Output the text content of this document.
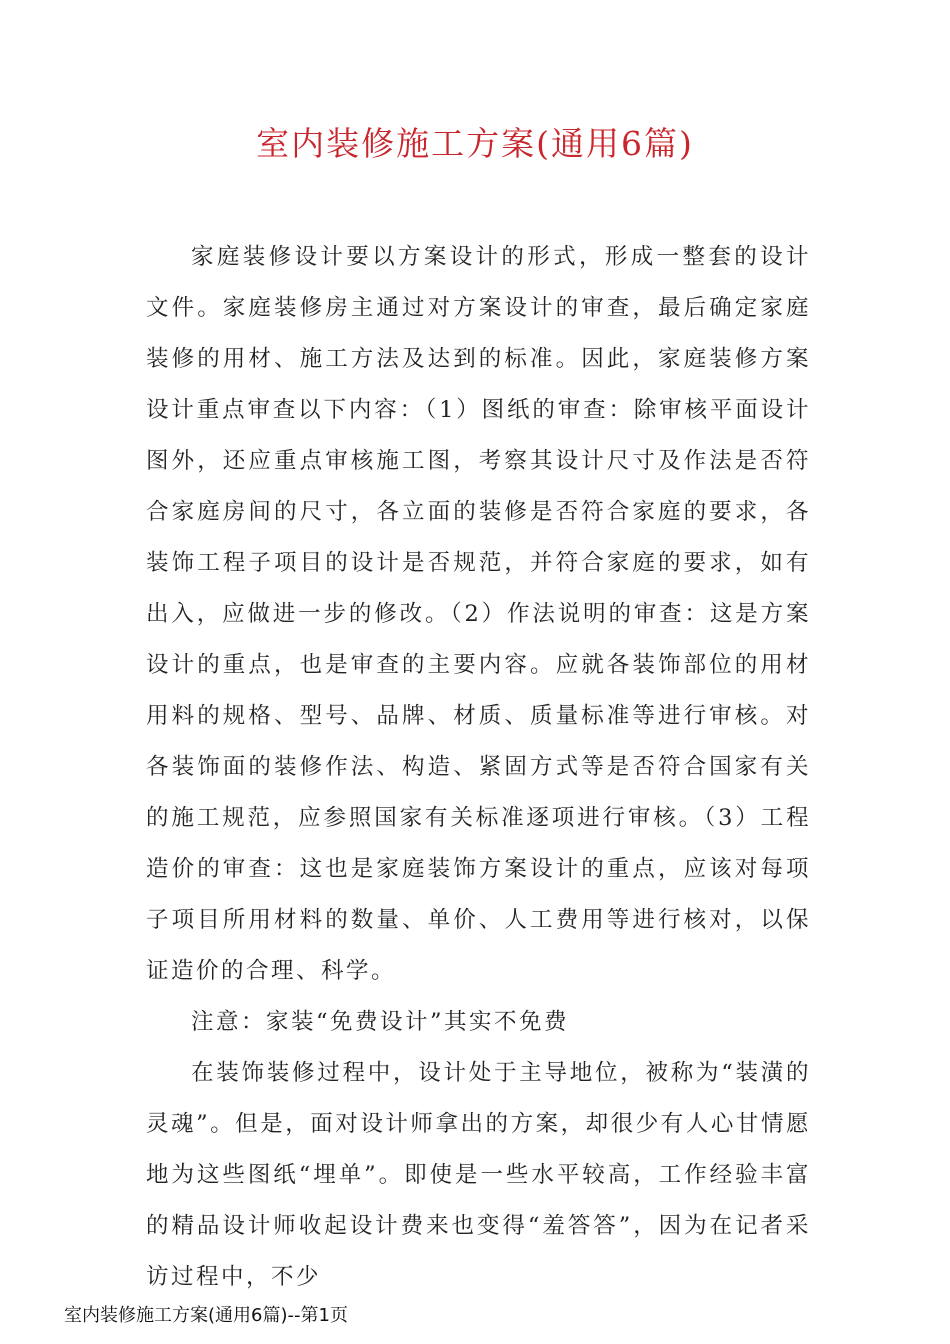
室内装修施工方案(通用6篇)

家庭装修设计要以方案设计的形式，形成一整套的设计文件。家庭装修房主通过对方案设计的审查，最后确定家庭装修的用材、施工方法及达到的标准。因此，家庭装修方案设计重点审查以下内容：（1）图纸的审查：除审核平面设计图外，还应重点审核施工图，考察其设计尺寸及作法是否符合家庭房间的尺寸，各立面的装修是否符合家庭的要求，各装饰工程子项目的设计是否规范，并符合家庭的要求，如有出入，应做进一步的修改。（2）作法说明的审查：这是方案设计的重点，也是审查的主要内容。应就各装饰部位的用材用料的规格、型号、品牌、材质、质量标准等进行审核。对各装饰面的装修作法、构造、紧固方式等是否符合国家有关的施工规范，应参照国家有关标准逐项进行审核。（3）工程造价的审查：这也是家庭装饰方案设计的重点，应该对每项子项目所用材料的数量、单价、人工费用等进行核对，以保证造价的合理、科学。

注意：家装“免费设计”其实不免费

在装饰装修过程中，设计处于主导地位，被称为“装潢的灵魂”。但是，面对设计师拿出的方案，却很少有人心甘情愿地为这些图纸“埋单”。即使是一些水平较高，工作经验丰富的精品设计师收起设计费来也变得“羞答答”，因为在记者采访过程中，不少

室内装修施工方案(通用6篇)--第1页
